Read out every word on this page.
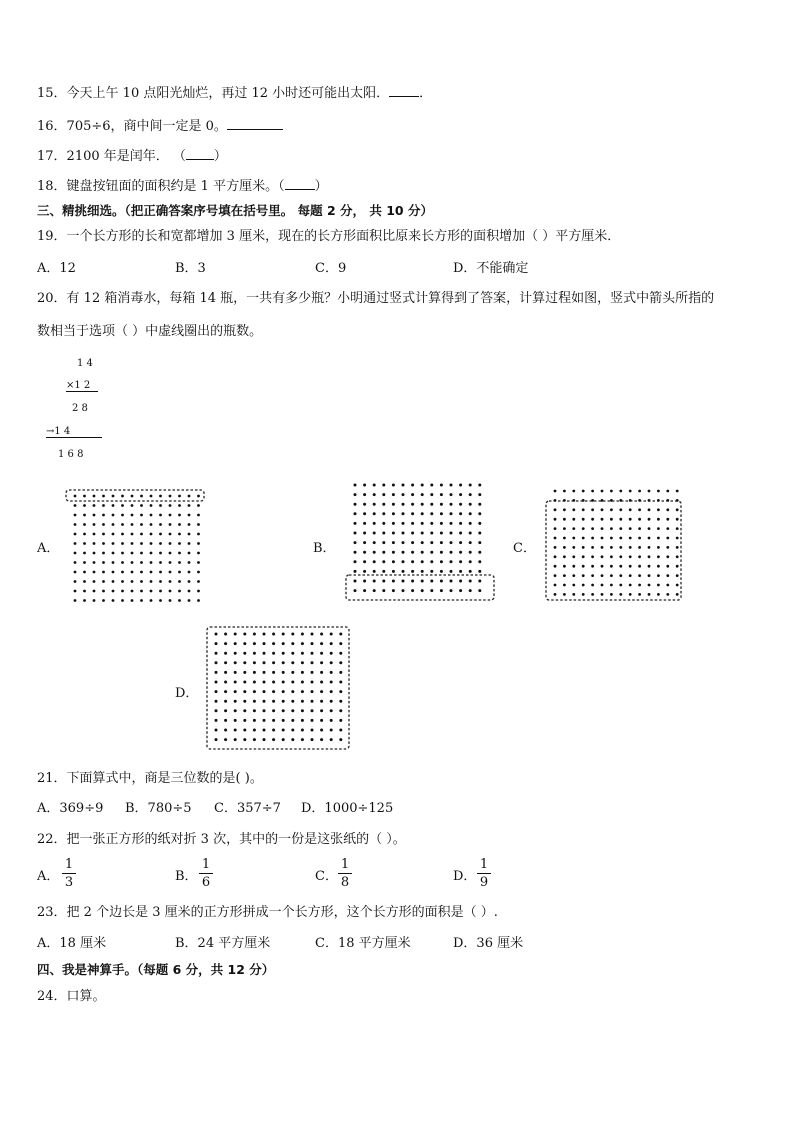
15．今天上午 10 点阳光灿烂，再过 12 小时还可能出太阳． ．
16．705÷6，商中间一定是 0。
17．2100 年是闰年． （ ）
18．键盘按钮面的面积约是 1 平方厘米。（ ）
三、精挑细选。（把正确答案序号填在括号里。 每题 2 分， 共 10 分）
19．一个长方形的长和宽都增加 3 厘米，现在的长方形面积比原来长方形的面积增加（ ）平方厘米．
A．12	B．3	C．9	D．不能确定
20．有 12 箱消毒水，每箱 14 瓶，一共有多少瓶？小明通过竖式计算得到了答案，计算过程如图，竖式中箭头所指的
数相当于选项（ ）中虚线圈出的瓶数。
1 4
×1 2
2 8
→1 4
1 6 8
A．	B．	C．
D．
21．下面算式中，商是三位数的是( )。
A．369÷9 B．780÷5 C．357÷7 D．1000÷125
22．把一张正方形的纸对折 3 次，其中的一份是这张纸的（ ）。
A． $\frac{1}{3}$	B． $\frac{1}{6}$	C． $\frac{1}{8}$	D． $\frac{1}{9}$
23．把 2 个边长是 3 厘米的正方形拼成一个长方形，这个长方形的面积是（ ）.
A．18 厘米	B．24 平方厘米	C．18 平方厘米	D．36 厘米
四、我是神算手。（每题 6 分，共 12 分）
24．口算。
